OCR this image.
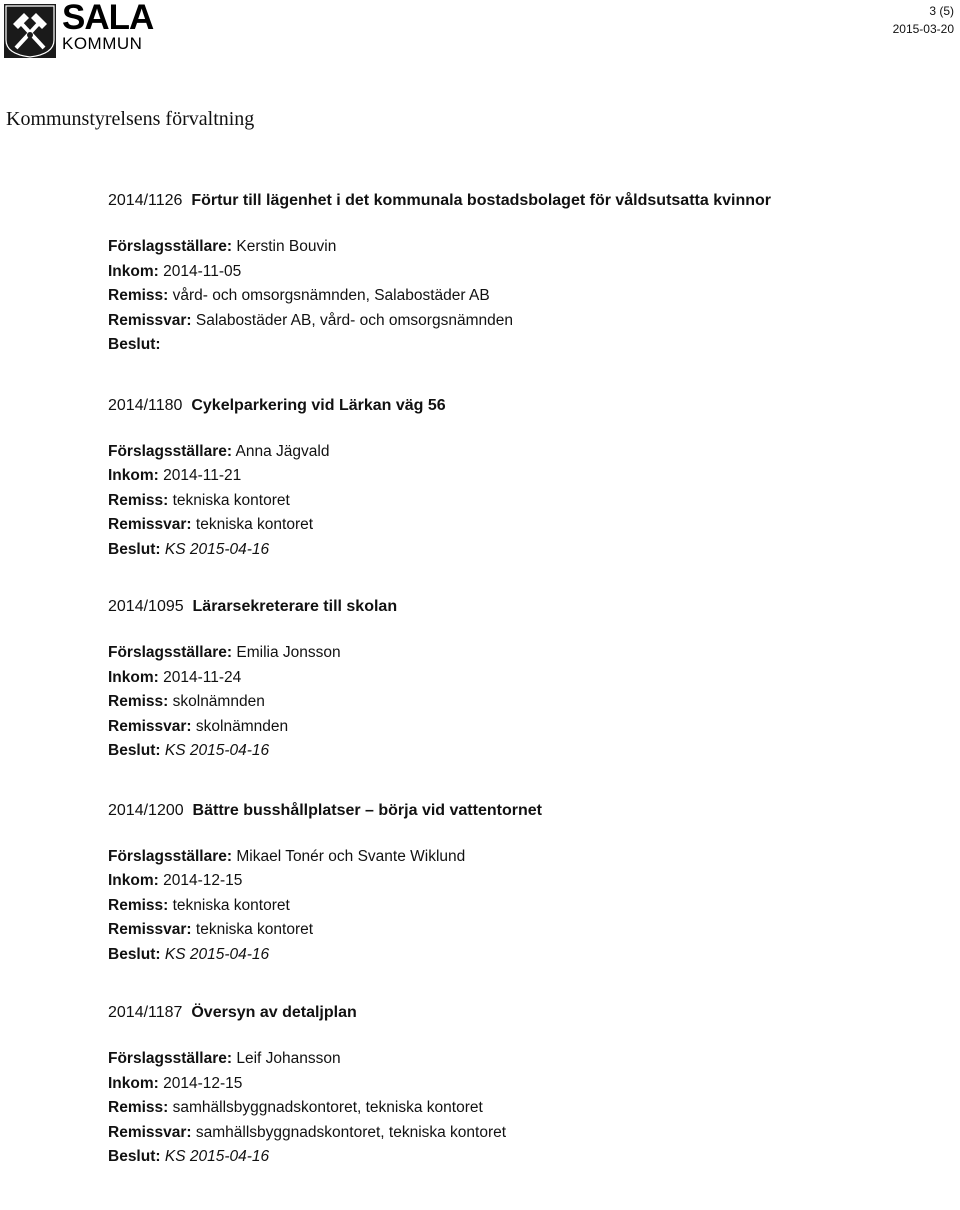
SALA
KOMMUN
3 (5)
2015-03-20
Kommunstyrelsens förvaltning
2014/1126 Förtur till lägenhet i det kommunala bostadsbolaget för våldsutsatta kvinnor
Förslagsställare: Kerstin Bouvin
Inkom: 2014-11-05
Remiss: vård- och omsorgsnämnden, Salabostäder AB
Remissvar: Salabostäder AB, vård- och omsorgsnämnden
Beslut:
2014/1180 Cykelparkering vid Lärkan väg 56
Förslagsställare: Anna Jägvald
Inkom: 2014-11-21
Remiss: tekniska kontoret
Remissvar: tekniska kontoret
Beslut: KS 2015-04-16
2014/1095 Lärarsekreterare till skolan
Förslagsställare: Emilia Jonsson
Inkom: 2014-11-24
Remiss: skolnämnden
Remissvar: skolnämnden
Beslut: KS 2015-04-16
2014/1200 Bättre busshållplatser – börja vid vattentornet
Förslagsställare: Mikael Tonér och Svante Wiklund
Inkom: 2014-12-15
Remiss: tekniska kontoret
Remissvar: tekniska kontoret
Beslut: KS 2015-04-16
2014/1187 Översyn av detaljplan
Förslagsställare: Leif Johansson
Inkom: 2014-12-15
Remiss: samhällsbyggnadskontoret, tekniska kontoret
Remissvar: samhällsbyggnadskontoret, tekniska kontoret
Beslut: KS 2015-04-16
